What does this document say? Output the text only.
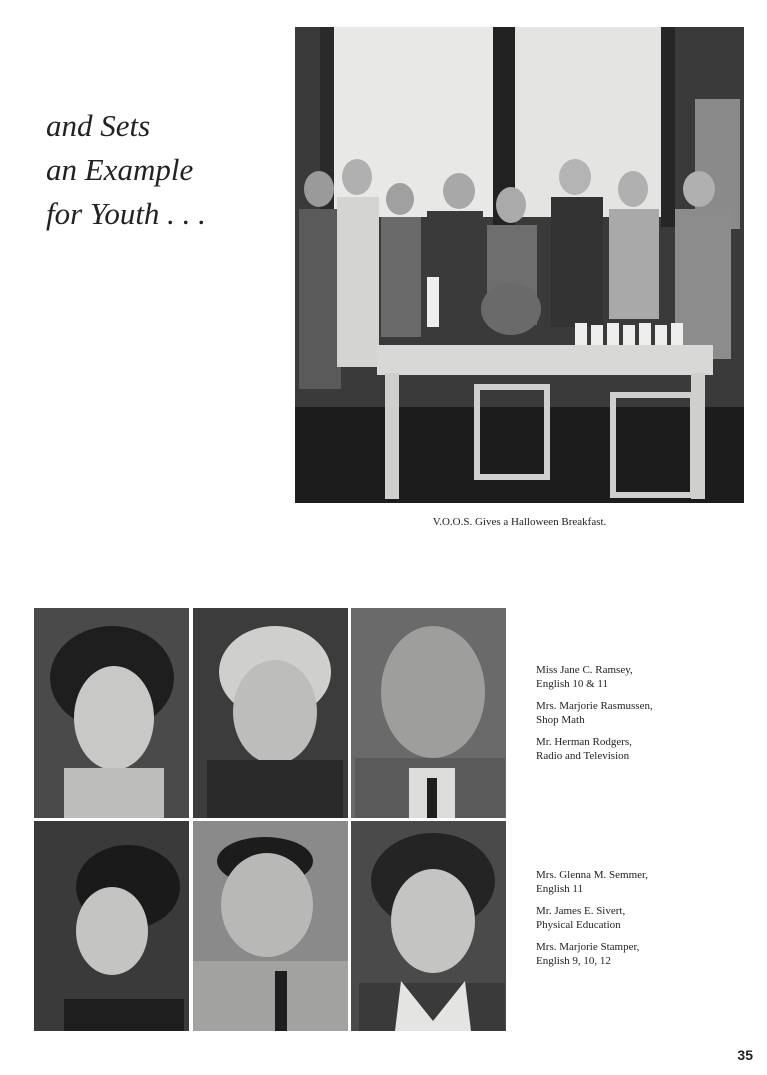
and Sets
an Example
for Youth . . .
V.O.O.S. Gives a Halloween Breakfast.
Miss Jane C. Ramsey,
English 10 & 11
Mrs. Marjorie Rasmussen,
Shop Math
Mr. Herman Rodgers,
Radio and Television
Mrs. Glenna M. Semmer,
English 11
Mr. James E. Sivert,
Physical Education
Mrs. Marjorie Stamper,
English 9, 10, 12
35
